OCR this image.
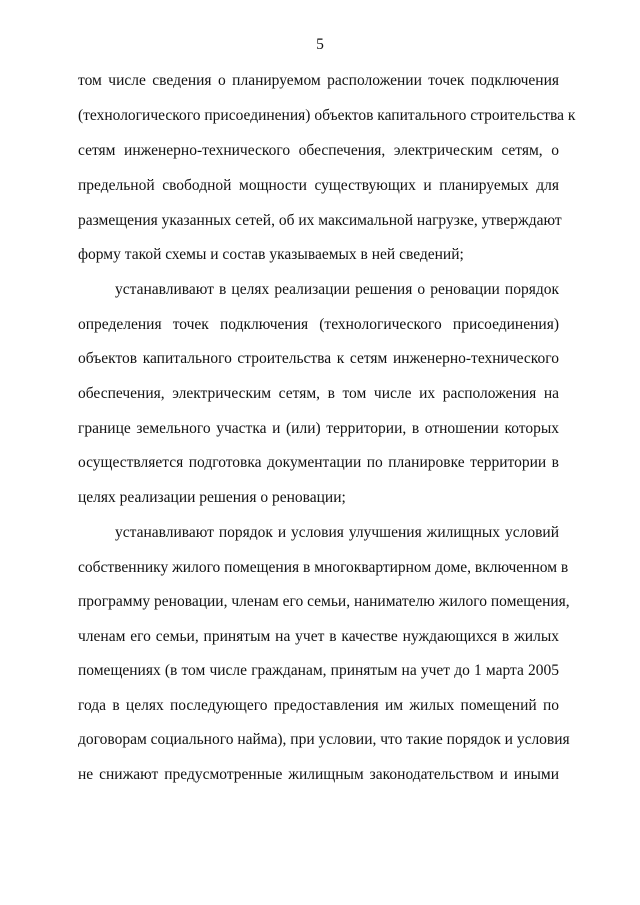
5
том числе сведения о планируемом расположении точек подключения
(технологического присоединения) объектов капитального строительства к
сетям инженерно-технического обеспечения, электрическим сетям, о
предельной свободной мощности существующих и планируемых для
размещения указанных сетей, об их максимальной нагрузке, утверждают
форму такой схемы и состав указываемых в ней сведений;
устанавливают в целях реализации решения о реновации порядок
определения точек подключения (технологического присоединения)
объектов капитального строительства к сетям инженерно-технического
обеспечения, электрическим сетям, в том числе их расположения на
границе земельного участка и (или) территории, в отношении которых
осуществляется подготовка документации по планировке территории в
целях реализации решения о реновации;
устанавливают порядок и условия улучшения жилищных условий
собственнику жилого помещения в многоквартирном доме, включенном в
программу реновации, членам его семьи, нанимателю жилого помещения,
членам его семьи, принятым на учет в качестве нуждающихся в жилых
помещениях (в том числе гражданам, принятым на учет до 1 марта 2005
года в целях последующего предоставления им жилых помещений по
договорам социального найма), при условии, что такие порядок и условия
не снижают предусмотренные жилищным законодательством и иными
